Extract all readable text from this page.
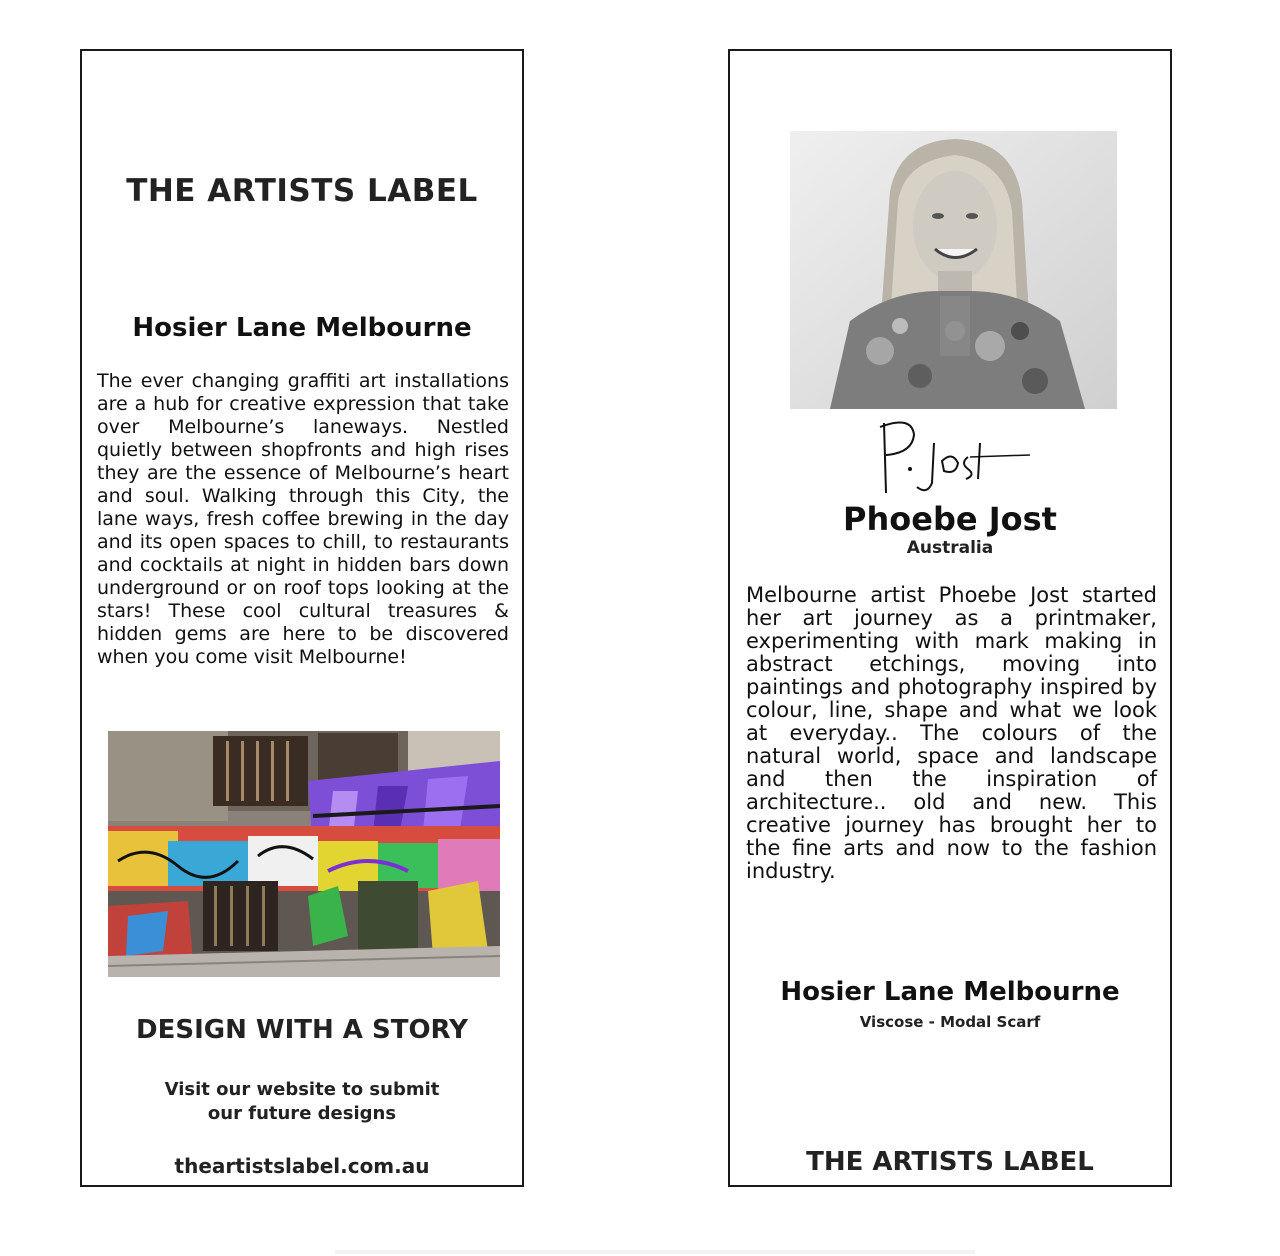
THE ARTISTS LABEL
Hosier Lane Melbourne

The ever changing graffiti art installations are a hub for creative expression that take over Melbourne’s laneways. Nestled quietly between shopfronts and high rises they are the essence of Melbourne’s heart and soul. Walking through this City, the lane ways, fresh coffee brewing in the day and its open spaces to chill, to restaurants and cocktails at night in hidden bars down underground or on roof tops looking at the stars! These cool cultural treasures & hidden gems are here to be discovered when you come visit Melbourne!

DESIGN WITH A STORY
Visit our website to submit
our future designs
theartistslabel.com.au
Phoebe Jost
Australia

Melbourne artist Phoebe Jost started her art journey as a printmaker, experimenting with mark making in abstract etchings, moving into paintings and photography inspired by colour, line, shape and what we look at everyday.. The colours of the natural world, space and landscape and then the inspiration of architecture.. old and new. This creative journey has brought her to the fine arts and now to the fashion industry.

Hosier Lane Melbourne
Viscose - Modal Scarf
THE ARTISTS LABEL
